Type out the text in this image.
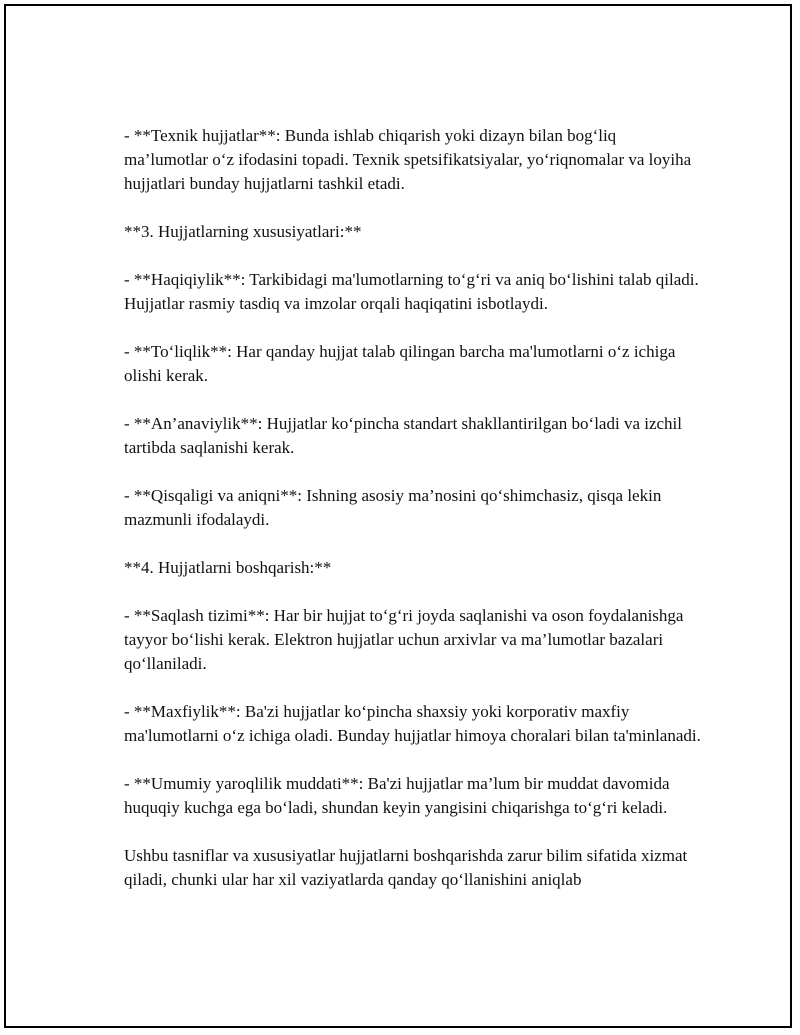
- **Texnik hujjatlar**: Bunda ishlab chiqarish yoki dizayn bilan bog‘liq ma’lumotlar o‘z ifodasini topadi. Texnik spetsifikatsiyalar, yo‘riqnomalar va loyiha hujjatlari bunday hujjatlarni tashkil etadi.

**3. Hujjatlarning xususiyatlari:**

- **Haqiqiylik**: Tarkibidagi ma'lumotlarning to‘g‘ri va aniq bo‘lishini talab qiladi. Hujjatlar rasmiy tasdiq va imzolar orqali haqiqatini isbotlaydi.

- **To‘liqlik**: Har qanday hujjat talab qilingan barcha ma'lumotlarni o‘z ichiga olishi kerak.

- **An’anaviylik**: Hujjatlar ko‘pincha standart shakllantirilgan bo‘ladi va izchil tartibda saqlanishi kerak.

- **Qisqaligi va aniqni**: Ishning asosiy ma’nosini qo‘shimchasiz, qisqa lekin mazmunli ifodalaydi.

**4. Hujjatlarni boshqarish:**

- **Saqlash tizimi**: Har bir hujjat to‘g‘ri joyda saqlanishi va oson foydalanishga tayyor bo‘lishi kerak. Elektron hujjatlar uchun arxivlar va ma’lumotlar bazalari qo‘llaniladi.

- **Maxfiylik**: Ba'zi hujjatlar ko‘pincha shaxsiy yoki korporativ maxfiy ma'lumotlarni o‘z ichiga oladi. Bunday hujjatlar himoya choralari bilan ta'minlanadi.

- **Umumiy yaroqlilik muddati**: Ba'zi hujjatlar ma’lum bir muddat davomida huquqiy kuchga ega bo‘ladi, shundan keyin yangisini chiqarishga to‘g‘ri keladi.

Ushbu tasniflar va xususiyatlar hujjatlarni boshqarishda zarur bilim sifatida xizmat qiladi, chunki ular har xil vaziyatlarda qanday qo‘llanishini aniqlab
